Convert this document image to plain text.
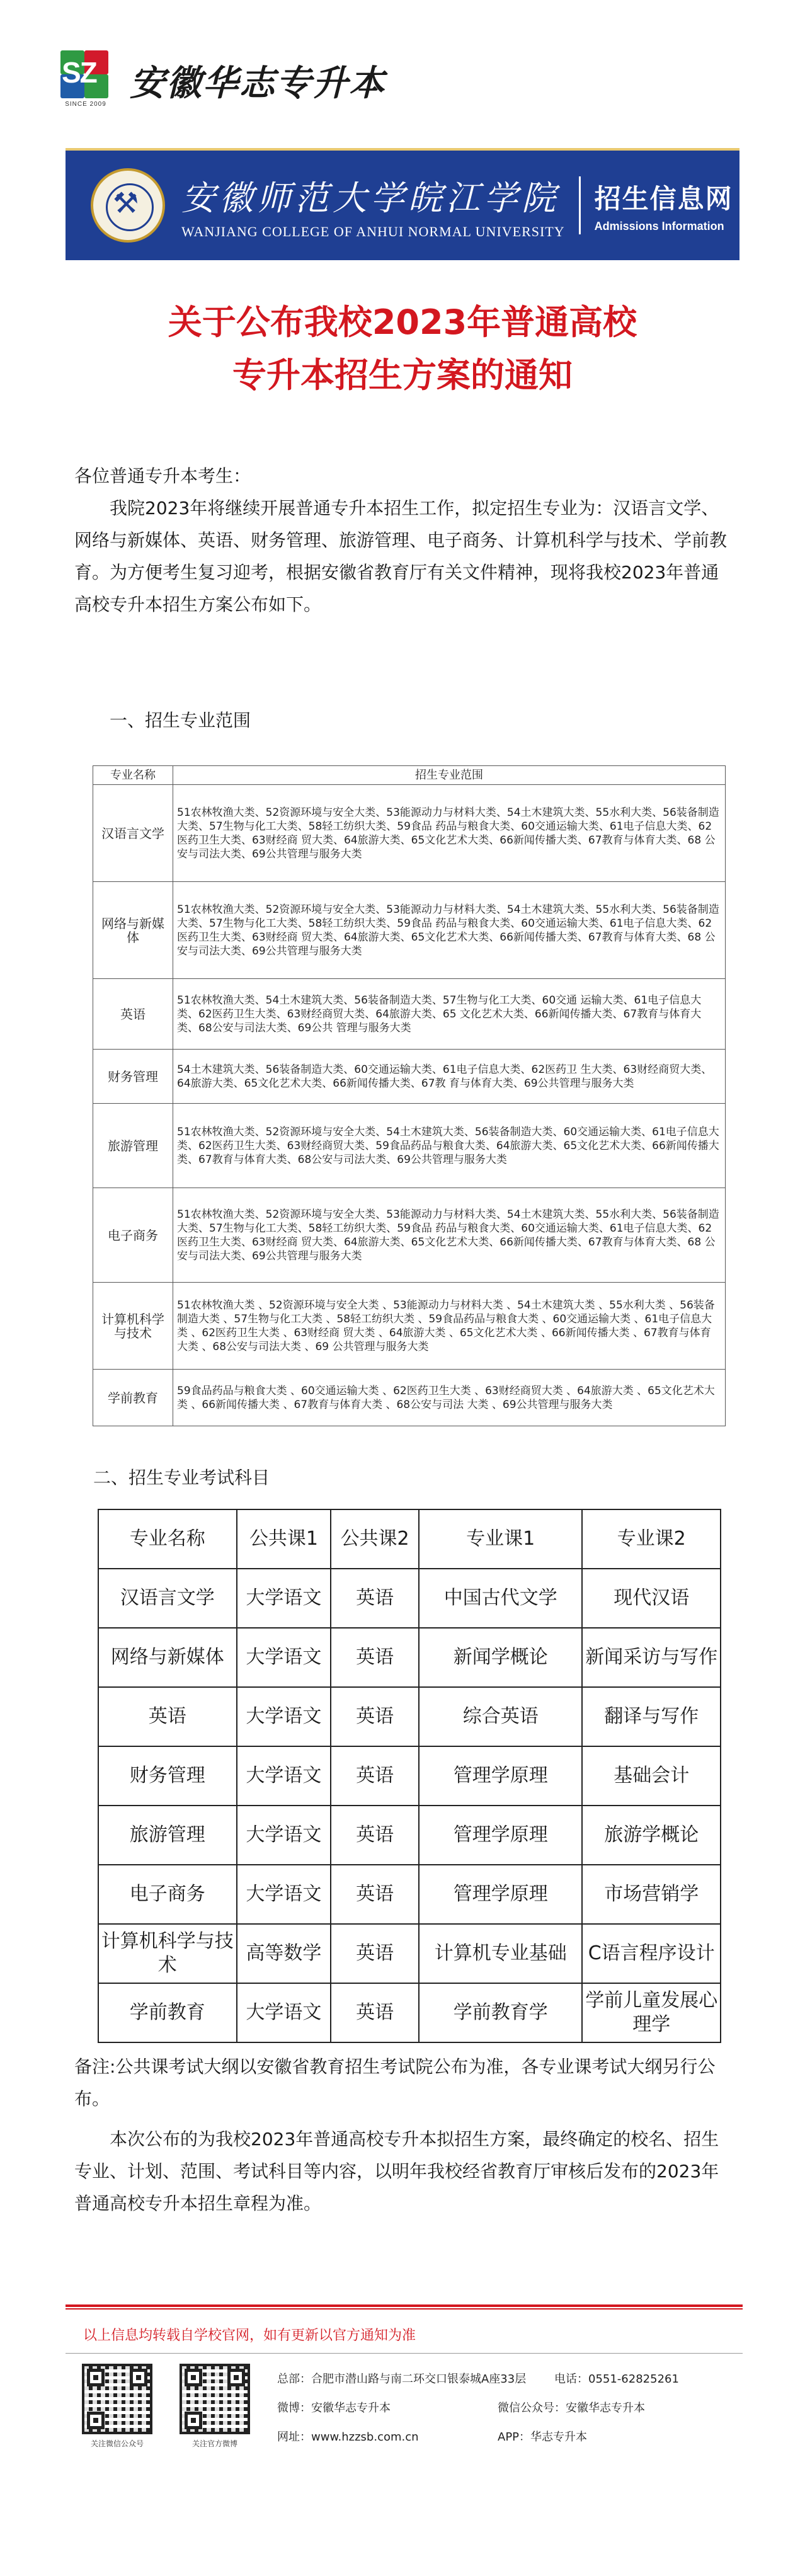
SZ
SINCE 2009
安徽华志专升本
⚒
安徽师范大学皖江学院
WANJIANG COLLEGE OF ANHUI NORMAL UNIVERSITY
招生信息网
Admissions Information
关于公布我校2023年普通高校
专升本招生方案的通知
各位普通专升本考生：
我院2023年将继续开展普通专升本招生工作，拟定招生专业为：汉语言文学、网络与新媒体、英语、财务管理、旅游管理、电子商务、计算机科学与技术、学前教育。为方便考生复习迎考，根据安徽省教育厅有关文件精神，现将我校2023年普通高校专升本招生方案公布如下。
一、招生专业范围
专业名称	招生专业范围
汉语言文学	51农林牧渔大类、52资源环境与安全大类、53能源动力与材料大类、54土木建筑大类、55水利大类、56装备制造大类、57生物与化工大类、58轻工纺织大类、59食品 药品与粮食大类、60交通运输大类、61电子信息大类、62医药卫生大类、63财经商 贸大类、64旅游大类、65文化艺术大类、66新闻传播大类、67教育与体育大类、68 公安与司法大类、69公共管理与服务大类
网络与新媒体	51农林牧渔大类、52资源环境与安全大类、53能源动力与材料大类、54土木建筑大类、55水利大类、56装备制造大类、57生物与化工大类、58轻工纺织大类、59食品 药品与粮食大类、60交通运输大类、61电子信息大类、62医药卫生大类、63财经商 贸大类、64旅游大类、65文化艺术大类、66新闻传播大类、67教育与体育大类、68 公安与司法大类、69公共管理与服务大类
英语	51农林牧渔大类、54土木建筑大类、56装备制造大类、57生物与化工大类、60交通 运输大类、61电子信息大类、62医药卫生大类、63财经商贸大类、64旅游大类、65 文化艺术大类、66新闻传播大类、67教育与体育大类、68公安与司法大类、69公共 管理与服务大类
财务管理	54土木建筑大类、56装备制造大类、60交通运输大类、61电子信息大类、62医药卫 生大类、63财经商贸大类、64旅游大类、65文化艺术大类、66新闻传播大类、67教 育与体育大类、69公共管理与服务大类
旅游管理	51农林牧渔大类、52资源环境与安全大类、54土木建筑大类、56装备制造大类、60交通运输大类、61电子信息大类、62医药卫生大类、63财经商贸大类、59食品药品与粮食大类、64旅游大类、65文化艺术大类、66新闻传播大类、67教育与体育大类、68公安与司法大类、69公共管理与服务大类
电子商务	51农林牧渔大类、52资源环境与安全大类、53能源动力与材料大类、54土木建筑大类、55水利大类、56装备制造大类、57生物与化工大类、58轻工纺织大类、59食品 药品与粮食大类、60交通运输大类、61电子信息大类、62医药卫生大类、63财经商 贸大类、64旅游大类、65文化艺术大类、66新闻传播大类、67教育与体育大类、68 公安与司法大类、69公共管理与服务大类
计算机科学与技术	51农林牧渔大类 、52资源环境与安全大类 、53能源动力与材料大类 、54土木建筑大类 、55水利大类 、56装备制造大类 、57生物与化工大类 、58轻工纺织大类 、59食品药品与粮食大类 、60交通运输大类 、61电子信息大类 、62医药卫生大类 、63财经商 贸大类 、64旅游大类 、65文化艺术大类 、66新闻传播大类 、67教育与体育大类 、68公安与司法大类 、69 公共管理与服务大类
学前教育	59食品药品与粮食大类 、60交通运输大类 、62医药卫生大类 、63财经商贸大类 、64旅游大类 、65文化艺术大类 、66新闻传播大类 、67教育与体育大类 、68公安与司法 大类 、69公共管理与服务大类
二、招生专业考试科目
专业名称	公共课1	公共课2	专业课1	专业课2
汉语言文学	大学语文	英语	中国古代文学	现代汉语
网络与新媒体	大学语文	英语	新闻学概论	新闻采访与写作
英语	大学语文	英语	综合英语	翻译与写作
财务管理	大学语文	英语	管理学原理	基础会计
旅游管理	大学语文	英语	管理学原理	旅游学概论
电子商务	大学语文	英语	管理学原理	市场营销学
计算机科学与技术	高等数学	英语	计算机专业基础	C语言程序设计
学前教育	大学语文	英语	学前教育学	学前儿童发展心理学
备注:公共课考试大纲以安徽省教育招生考试院公布为准，各专业课考试大纲另行公布。
本次公布的为我校2023年普通高校专升本拟招生方案，最终确定的校名、招生专业、计划、范围、考试科目等内容，以明年我校经省教育厅审核后发布的2023年普通高校专升本招生章程为准。
以上信息均转载自学校官网，如有更新以官方通知为准
关注微信公众号	关注官方微博
总部：合肥市潜山路与南二环交口银泰城A座33层 电话：0551-62825261
微博：安徽华志专升本	微信公众号：安徽华志专升本
网址：www.hzzsb.com.cn	APP：华志专升本
